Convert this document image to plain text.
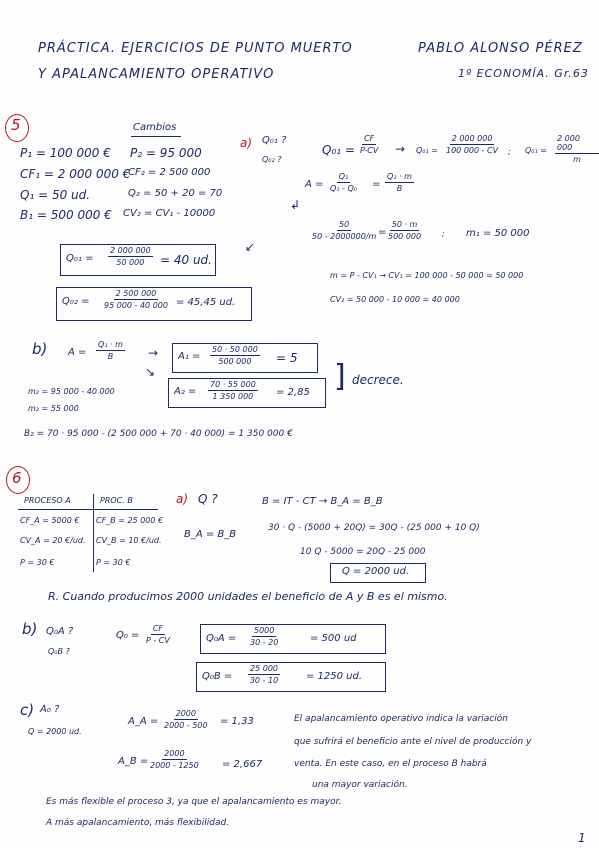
PRÁCTICA. EJERCICIOS DE PUNTO MUERTO
Y APALANCAMIENTO OPERATIVO
PABLO ALONSO PÉREZ
1º ECONOMÍA. Gr.63
5	Cambios
P₁ = 100 000 € P₂ = 95 000
CF₁ = 2 000 000 €
CF₂ = 2 500 000
Q₁ = 50 ud.	Q₂ = 50 + 20 = 70
B₁ = 500 000 € CV₂ = CV₁ - 10000
a) Q₀₁ ?
Q₀₂ ?
$Q_{01} = \frac{CF}{P-CV} \to Q_{01} = \frac{2 000 000}{100 000 - CV}$ ; $Q_{01} = \frac{2 000 000}{m}$
$A = \frac{\text{Q₁}}{\text{Q₁ - Q₀}} = \frac{\text{Q₁ · m}}{B}$
↲
$\frac{50}{50 - 2000000/m} = \frac{50 \cdot m}{500 000}$	; m₁ = 50 000
m = P - CV₁ → CV₁ = 100 000 - 50 000 = 50 000
CV₂ = 50 000 - 10 000 = 40 000
↙
$Q_{01} = \frac{2 000 000}{50 000} = 40$ ud.
$Q_{02} = \frac{2 500 000}{95 000 - 40 000} = 45,45$ ud.
b) $A = \frac{\text{Q₁ · m}}{B}$ →
↘
$A_1 = \frac{50 \cdot 50 000}{500 000} = 5$
$A_2 = \frac{70 \cdot 55 000}{1 350 000} = 2,85$ ] decrece.
m₂ = 95 000 - 40 000
m₂ = 55 000
B₂ = 70 · 95 000 - (2 500 000 + 70 · 40 000) = 1 350 000 €
6
PROCESO A	PROC. B
CF_A = 5000 € CF_B = 25 000 €
CV_A = 20 €/ud. CV_B = 10 €/ud.
P = 30 €	P = 30 €
a) Q ?
B_A = B_B
B = IT - CT → B_A = B_B
30 · Q - (5000 + 20Q) = 30Q - (25 000 + 10 Q)
10 Q - 5000 = 20Q - 25 000
Q = 2000 ud.
R. Cuando producimos 2000 unidades el beneficio de A y B es el mismo.
b) Q₀A ?
Q₀B ?
$Q_0 = \frac{CF}{P - CV}$	$Q_0A = \frac{5000}{30 - 20}$	= 500 ud
$Q_0B = \frac{25 000}{30 - 10}$	= 1250 ud.
c) A₀ ?
Q = 2000 ud.
A_A = $\frac{2000}{2000 - 500} = 1,33$
A_B = $\frac{2000}{2000 - 1250} = 2,667$
El apalancamiento operativo indica la variación
que sufrirá el beneficio ante el nivel de producción y
venta. En este caso, en el proceso B habrá
una mayor variación.
Es más flexible el proceso 3, ya que el apalancamiento es mayor.
A más apalancamiento, más flexibilidad.
1
